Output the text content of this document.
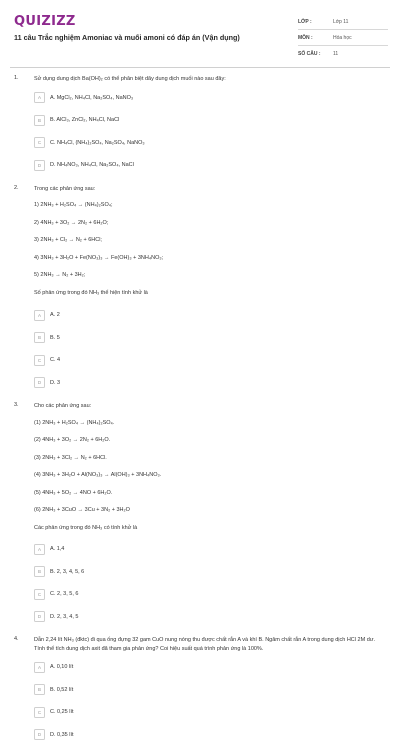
QUIZIZZ
11 câu Trắc nghiệm Amoniac và muối amoni có đáp án (Vận dụng)
LỚP :	Lớp 11
MÔN :	Hóa học
SỐ CÂU :	11
1.	Sử dụng dung dịch Ba(OH)₂ có thể phân biệt dãy dung dịch muối nào sau đây:
A	A. MgCl₂, NH₄Cl, Na₂SO₄, NaNO₃
B	B. AlCl₃, ZnCl₂, NH₄Cl, NaCl
C	C. NH₄Cl, (NH₄)₂SO₄, Na₂SO₄, NaNO₃
D	D. NH₄NO₃, NH₄Cl, Na₂SO₄, NaCl
2.	Trong các phản ứng sau:
1) 2NH₃ + H₂SO₄ → (NH₄)₂SO₄;
2) 4NH₃ + 3O₂ → 2N₂ + 6H₂O;
3) 2NH₃ + Cl₂ → N₂ + 6HCl;
4) 3NH₃ + 3H₂O + Fe(NO₃)₃ → Fe(OH)₃ + 3NH₄NO₃;
5) 2NH₃ → N₂ + 3H₂;
Số phản ứng trong đó NH₃ thể hiện tính khử là
A	A. 2
B	B. 5
C	C. 4
D	D. 3
3.	Cho các phản ứng sau:
(1) 2NH₃ + H₂SO₄ → (NH₄)₂SO₄.
(2) 4NH₃ + 3O₂ → 2N₂ + 6H₂O.
(3) 2NH₃ + 3Cl₂ → N₂ + 6HCl.
(4) 3NH₃ + 3H₂O + Al(NO₃)₃ → Al(OH)₃ + 3NH₄NO₃.
(5) 4NH₃ + 5O₂ → 4NO + 6H₂O.
(6) 2NH₃ + 3CuO → 3Cu + 3N₂ + 3H₂O
Các phản ứng trong đó NH₃ có tính khử là
A	A. 1,4
B	B. 2, 3, 4, 5, 6
C	C. 2, 3, 5, 6
D	D. 2, 3, 4, 5
4.	Dẫn 2,24 lít NH₃ (đktc) đi qua ống đựng 32 gam CuO nung nóng thu được chất rắn A và khí B. Ngâm chất rắn A trong dung dịch HCl 2M dư. Tính thể tích dung dịch axit đã tham gia phản ứng? Coi hiệu suất quá trình phản ứng là 100%.
A	A. 0,10 lít
B	B. 0,52 lít
C	C. 0,25 lít
D	D. 0,35 lít
